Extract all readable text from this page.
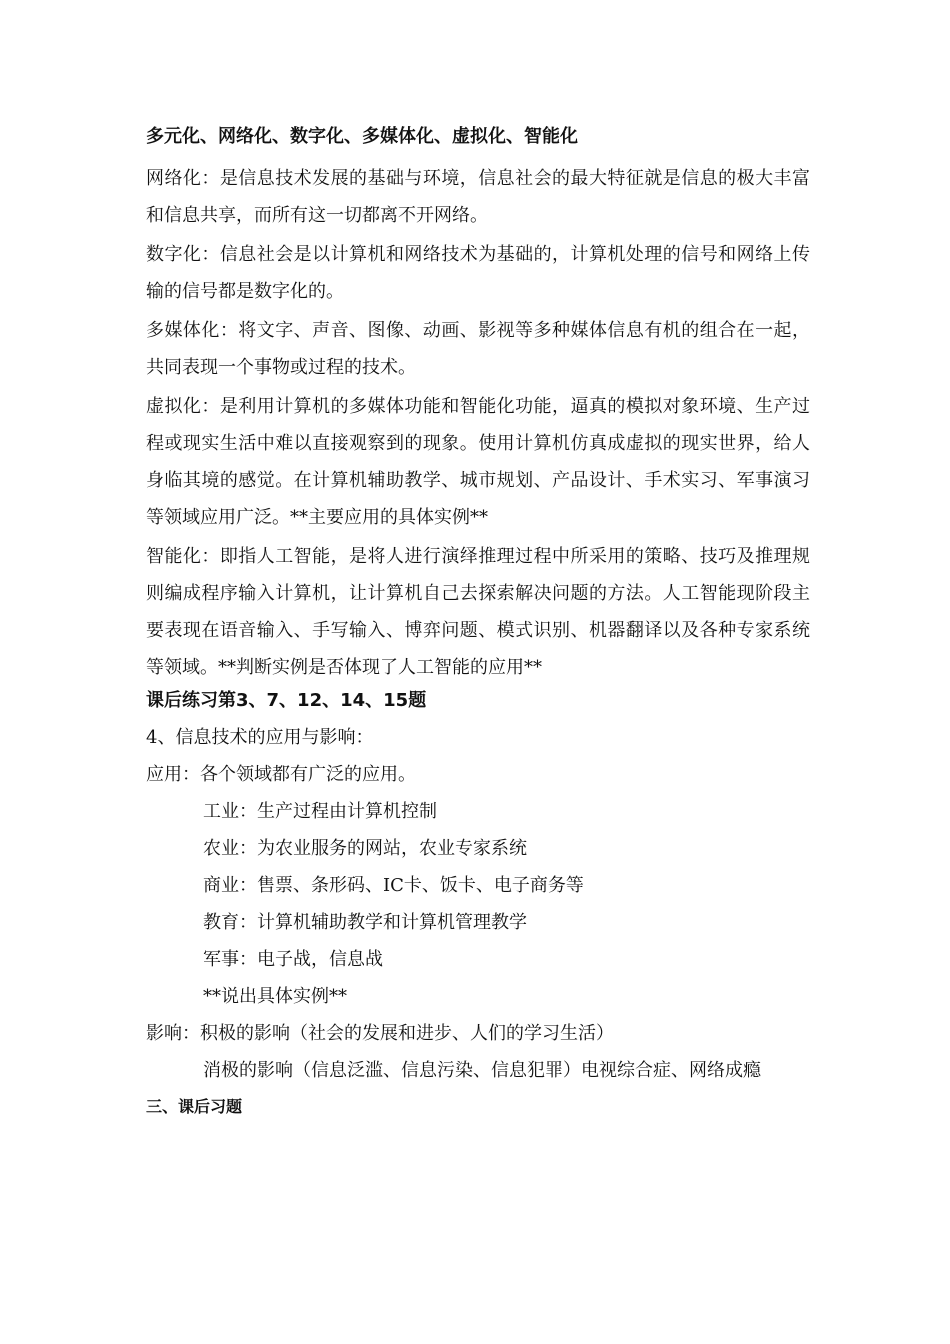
多元化、网络化、数字化、多媒体化、虚拟化、智能化

网络化：是信息技术发展的基础与环境，信息社会的最大特征就是信息的极大丰富和信息共享，而所有这一切都离不开网络。

数字化：信息社会是以计算机和网络技术为基础的，计算机处理的信号和网络上传输的信号都是数字化的。

多媒体化：将文字、声音、图像、动画、影视等多种媒体信息有机的组合在一起，共同表现一个事物或过程的技术。

虚拟化：是利用计算机的多媒体功能和智能化功能，逼真的模拟对象环境、生产过程或现实生活中难以直接观察到的现象。使用计算机仿真成虚拟的现实世界，给人身临其境的感觉。在计算机辅助教学、城市规划、产品设计、手术实习、军事演习等领域应用广泛。**主要应用的具体实例**

智能化：即指人工智能，是将人进行演绎推理过程中所采用的策略、技巧及推理规则编成程序输入计算机，让计算机自己去探索解决问题的方法。人工智能现阶段主要表现在语音输入、手写输入、博弈问题、模式识别、机器翻译以及各种专家系统等领域。**判断实例是否体现了人工智能的应用**

课后练习第3、7、12、14、15题
4、信息技术的应用与影响：
应用：各个领域都有广泛的应用。
工业：生产过程由计算机控制
农业：为农业服务的网站，农业专家系统
商业：售票、条形码、IC卡、饭卡、电子商务等
教育：计算机辅助教学和计算机管理教学
军事：电子战，信息战
**说出具体实例**
影响：积极的影响（社会的发展和进步、人们的学习生活）
消极的影响（信息泛滥、信息污染、信息犯罪）电视综合症、网络成瘾
三、课后习题
